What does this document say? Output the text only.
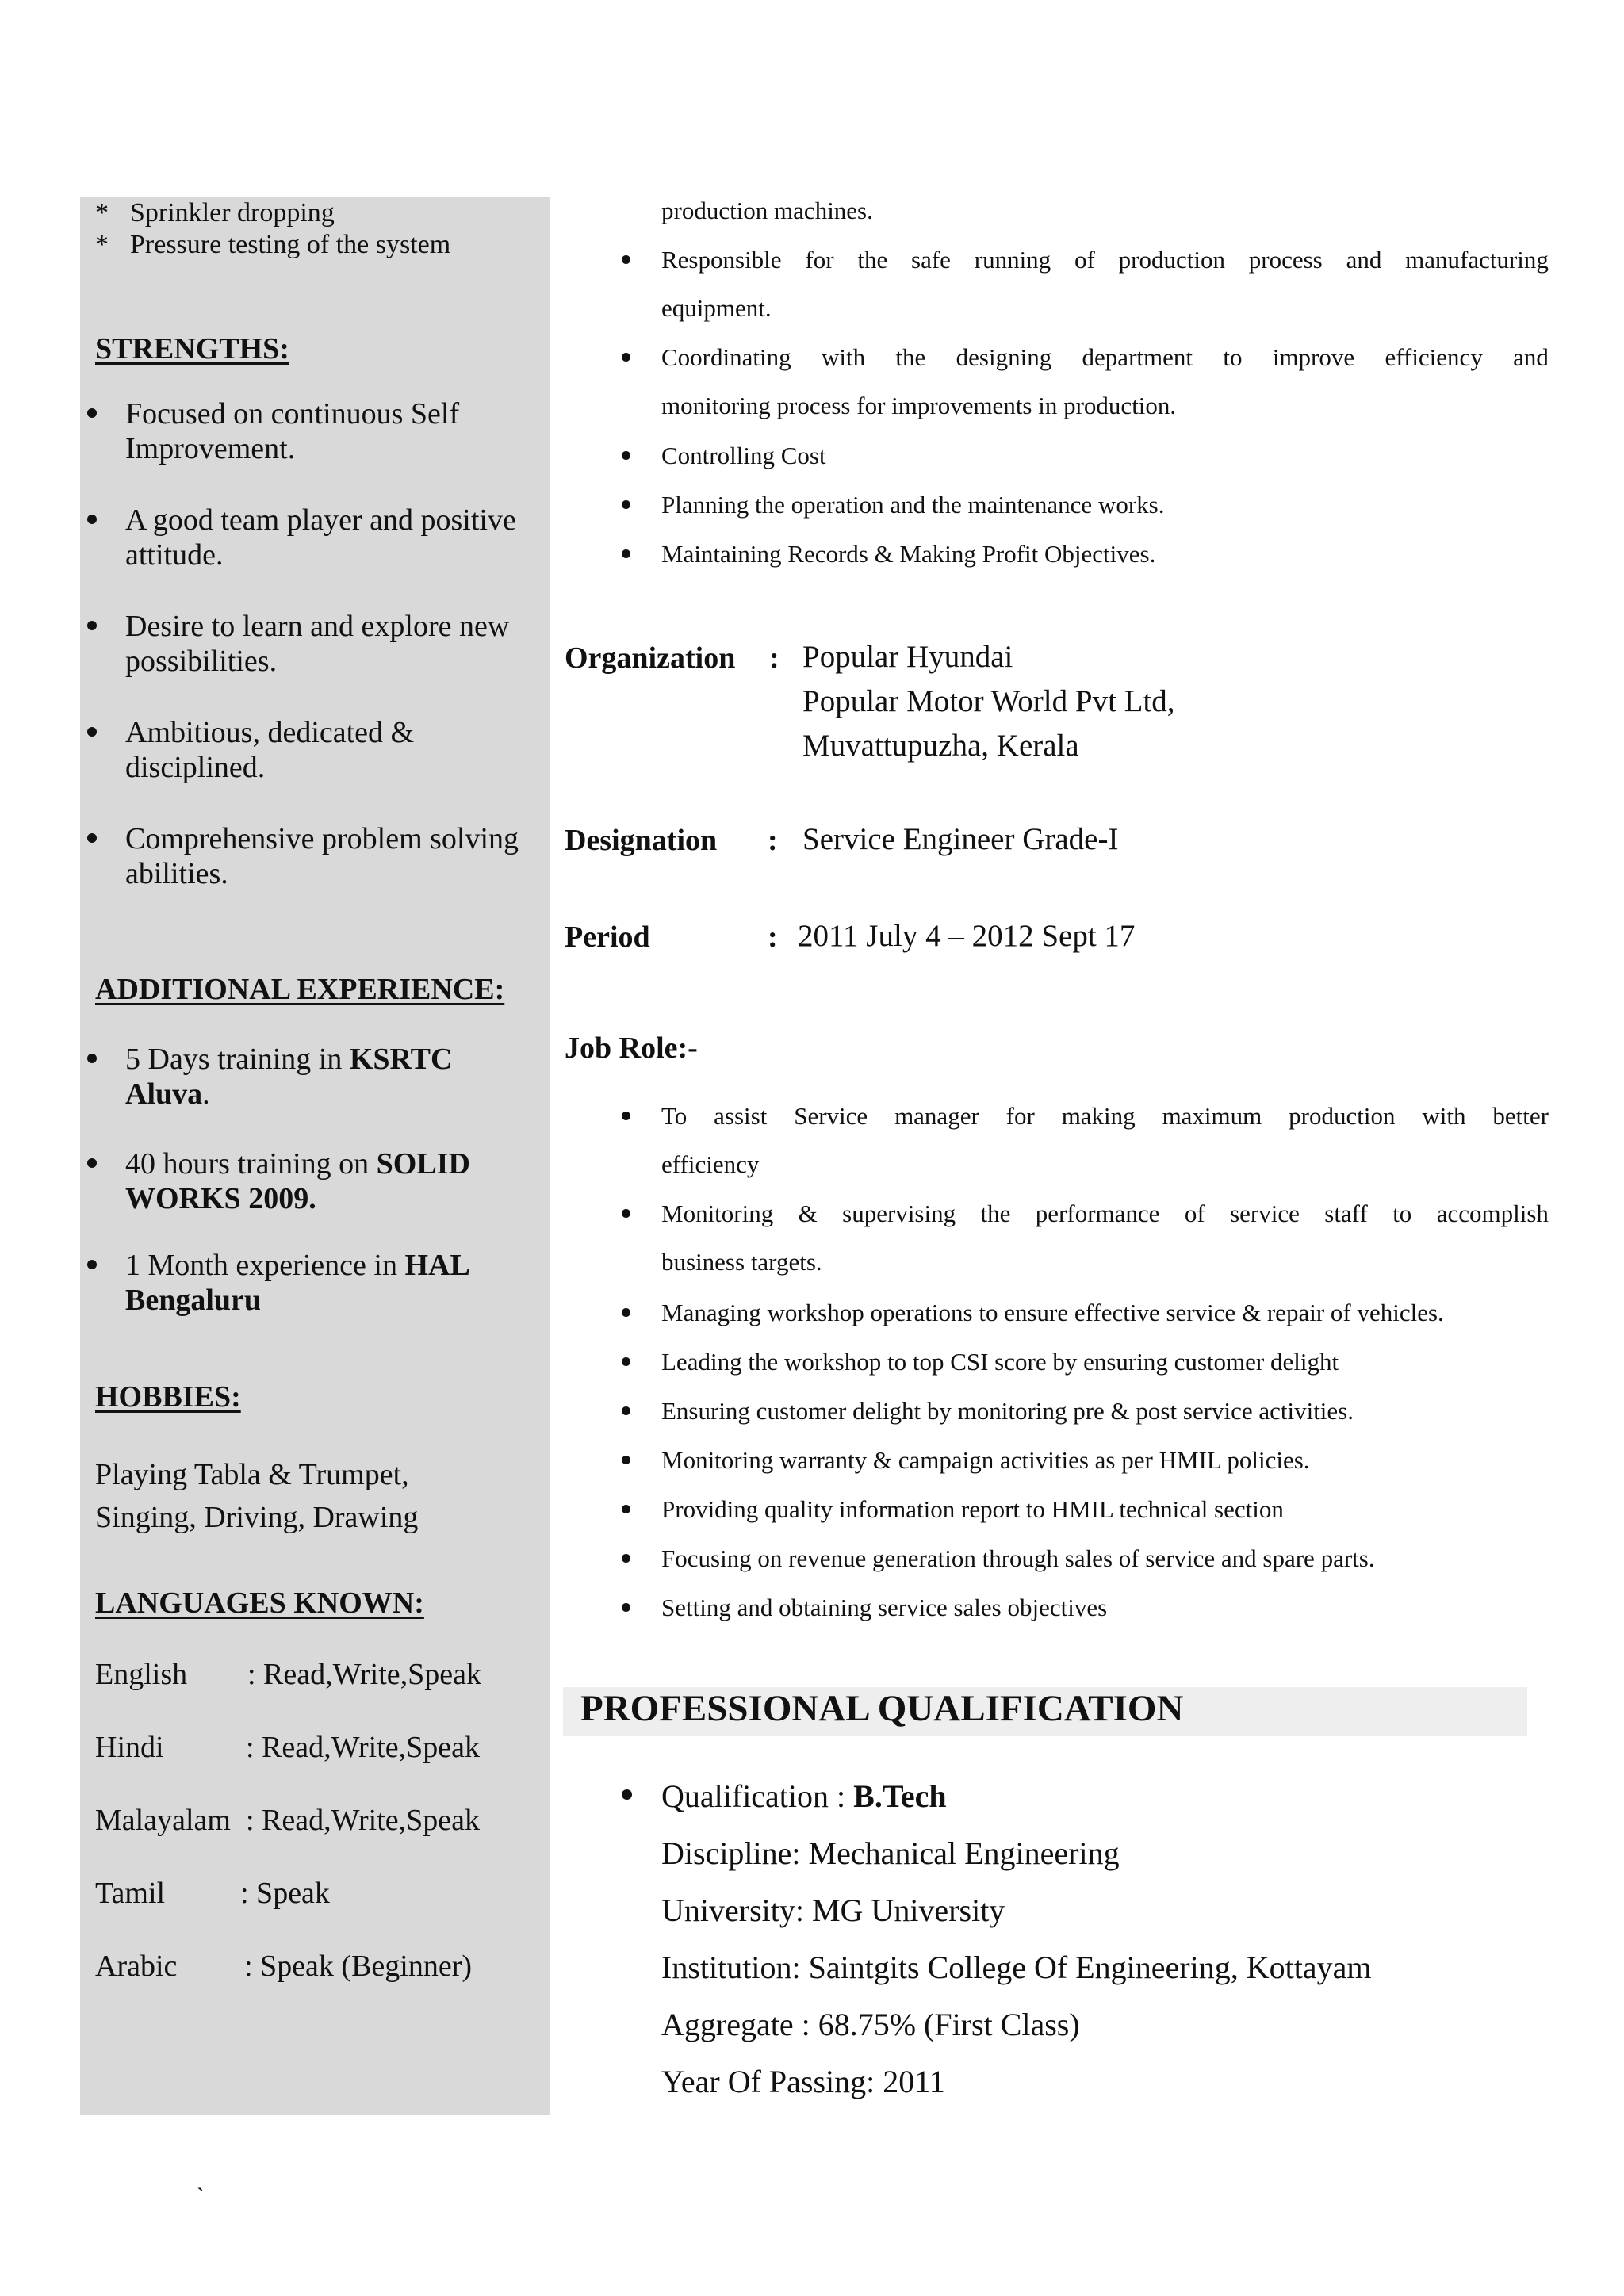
* Sprinkler dropping
* Pressure testing of the system
STRENGTHS:
Focused on continuous Self
Improvement.
A good team player and positive
attitude.
Desire to learn and explore new
possibilities.
Ambitious, dedicated &
disciplined.
Comprehensive problem solving
abilities.
ADDITIONAL EXPERIENCE:
5 Days training in KSRTC
Aluva.
40 hours training on SOLID
WORKS 2009.
1 Month experience in HAL
Bengaluru
HOBBIES:
Playing Tabla & Trumpet,
Singing, Driving, Drawing
LANGUAGES KNOWN:
English : Read,Write,Speak
Hindi	: Read,Write,Speak
Malayalam : Read,Write,Speak
Tamil : Speak
Arabic : Speak (Beginner)
production machines.
Responsible for the safe running of production process and manufacturing
equipment.
Coordinating with the designing department to improve efficiency and
monitoring process for improvements in production.
Controlling Cost
Planning the operation and the maintenance works.
Maintaining Records & Making Profit Objectives.
Organization : Popular Hyundai
Popular Motor World Pvt Ltd,
Muvattupuzha, Kerala
Designation : Service Engineer Grade-I
Period	: 2011 July 4 – 2012 Sept 17
Job Role:-
To assist Service manager for making maximum production with better
efficiency
Monitoring & supervising the performance of service staff to accomplish
business targets.
Managing workshop operations to ensure effective service & repair of vehicles.
Leading the workshop to top CSI score by ensuring customer delight
Ensuring customer delight by monitoring pre & post service activities.
Monitoring warranty & campaign activities as per HMIL policies.
Providing quality information report to HMIL technical section
Focusing on revenue generation through sales of service and spare parts.
Setting and obtaining service sales objectives
PROFESSIONAL QUALIFICATION
Qualification : B.Tech
Discipline: Mechanical Engineering
University: MG University
Institution: Saintgits College Of Engineering, Kottayam
Aggregate : 68.75% (First Class)
Year Of Passing: 2011
`
